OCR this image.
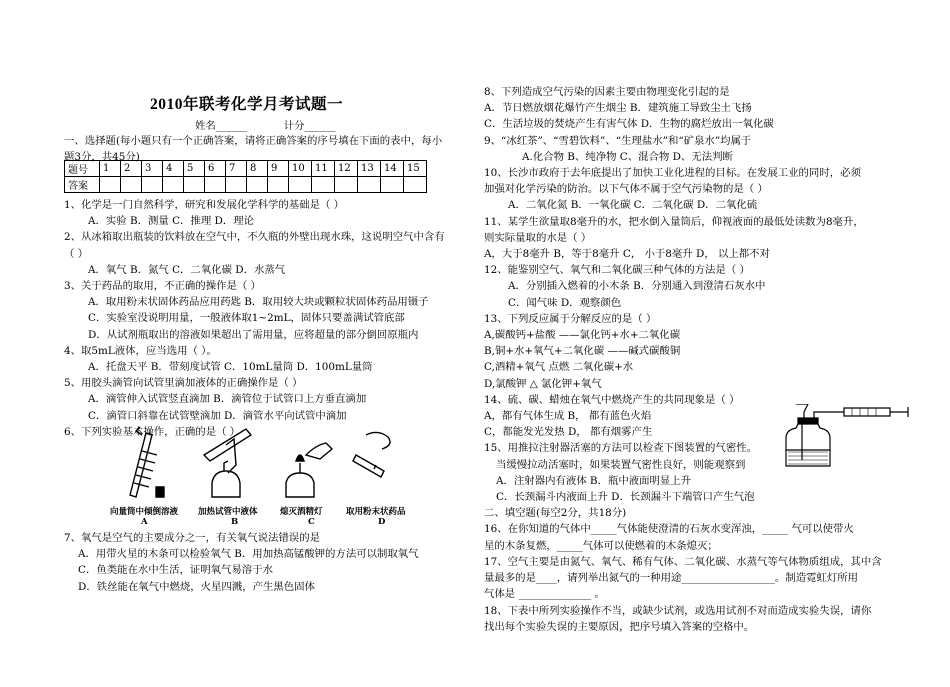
2010年联考化学月考试题一
姓名______	计分______
一、选择题(每小题只有一个正确答案，请将正确答案的序号填在下面的表中，每小
题3分，共45分)
题号	1	2	3	4	5	6	7	8	9	10	11	12	13	14	15
答案															
1、化学是一门自然科学，研究和发展化学科学的基础是（ ）
A．实验 B．测量 C．推理 D．理论
2、从冰箱取出瓶装的饮料放在空气中，不久瓶的外壁出现水珠，这说明空气中含有
（ ）
A．氧气 B．氮气 C．二氧化碳 D．水蒸气
3、关于药品的取用，不正确的操作是（ ）
A．取用粉末状固体药品应用药匙 B．取用较大块或颗粒状固体药品用镊子
C．实验室没说明用量，一般液体取1~2mL，固体只要盖满试管底部
D．从试剂瓶取出的溶液如果超出了需用量，应将超量的部分倒回原瓶内
4、取5mL液体，应当选用（ ）。
A．托盘天平 B．带刻度试管 C．10mL量筒 D．100mL量筒
5、用胶头滴管向试管里滴加液体的正确操作是（ ）
A．滴管伸入试管竖直滴加 B．滴管位于试管口上方垂直滴加
C．滴管口斜靠在试管壁滴加 D．滴管水平向试管中滴加
6、下列实验基本操作，正确的是（ ）
向量筒中倾倒溶液 加热试管中液体	熄灭酒精灯	取用粉末状药品
A	B	C	D
7、氧气是空气的主要成分之一，有关氧气说法错误的是
A．用带火星的木条可以检验氧气 B．用加热高锰酸钾的方法可以制取氧气
C．鱼类能在水中生活，证明氧气易溶于水
D．铁丝能在氧气中燃烧，火星四溅，产生黑色固体
8、下列造成空气污染的因素主要由物理变化引起的是
A．节日燃放烟花爆竹产生烟尘 B．建筑施工导致尘土飞扬
C．生活垃圾的焚烧产生有害气体 D．生物的腐烂放出一氧化碳
9、“冰红茶”、“雪碧饮料”、“生理盐水”和“矿泉水”均属于
A.化合物 B、纯净物 C、混合物 D、无法判断
10、长沙市政府于去年底提出了加快工业化进程的目标。在发展工业的同时，必须
加强对化学污染的防治。以下气体不属于空气污染物的是（ ）
A．二氧化氮 B．一氧化碳 C．二氧化碳 D．二氧化硫
11、某学生欲量取8毫升的水，把水倒入量筒后，仰视液面的最低处读数为8毫升，
则实际量取的水是（ ）
A，大于8毫升 B，等于8毫升 C， 小于8毫升 D， 以上都不对
12、能鉴别空气、氧气和二氧化碳三种气体的方法是（ ）
A．分别插入燃着的小木条 B．分别通入到澄清石灰水中
C．闻气味 D．观察颜色
13、下列反应属于分解反应的是（ ）
A,碳酸钙+盐酸 ——氯化钙+水+二氧化碳
B,铜+水+氧气+二氧化碳 ——碱式碳酸铜
C,酒精+氧气 点燃 二氧化碳+水
D,氯酸钾 △ 氯化钾+氧气
14、硫、碳、蜡烛在氧气中燃烧产生的共同现象是（ ）
A，都有气体生成 B， 都有蓝色火焰
C，都能发光发热 D， 都有烟雾产生
15、用推拉注射器活塞的方法可以检查下图装置的气密性。
当缓慢拉动活塞时，如果装置气密性良好，则能观察到
A．注射器内有液体 B．瓶中液面明显上升
C．长颈漏斗内液面上升 D．长颈漏斗下端管口产生气泡
二、填空题(每空2分，共18分)
16、在你知道的气体中_____气体能使澄清的石灰水变浑浊，_____ 气可以使带火
星的木条复燃，_____气体可以使燃着的木条熄灭；
17、空气主要是由氮气、氧气、稀有气体、二氧化碳、水蒸气等气体物质组成，其中含
量最多的是____，请列举出氮气的一种用途__________________。制造霓虹灯所用
气体是 ______________ 。
18、下表中所列实验操作不当，或缺少试剂，或选用试剂不对而造成实验失误，请你
找出每个实验失误的主要原因，把序号填入答案的空格中。
